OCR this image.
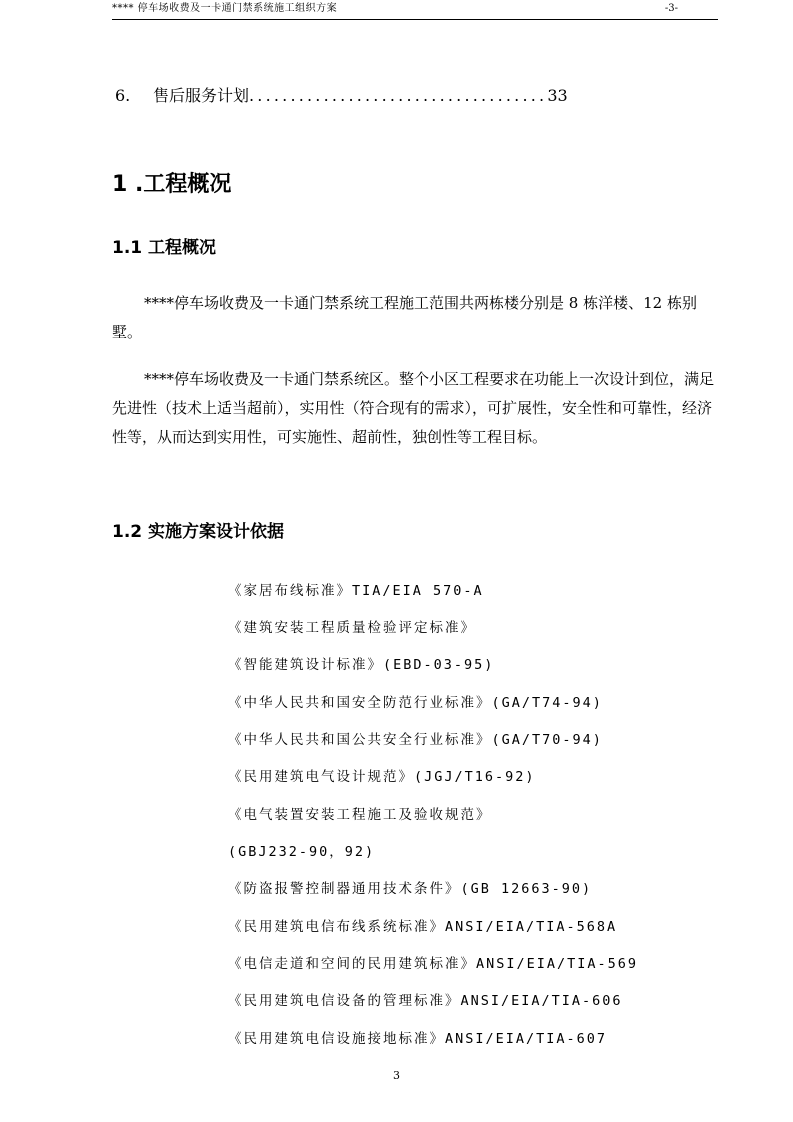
**** 停车场收费及一卡通门禁系统施工组织方案	-3-
6. 售后服务计划....................................33
1 .工程概况
1.1 工程概况

****停车场收费及一卡通门禁系统工程施工范围共两栋楼分别是 8 栋洋楼、12 栋别墅。

****停车场收费及一卡通门禁系统区。整个小区工程要求在功能上一次设计到位，满足先进性（技术上适当超前），实用性（符合现有的需求），可扩展性，安全性和可靠性，经济性等，从而达到实用性，可实施性、超前性，独创性等工程目标。

1.2 实施方案设计依据
《家居布线标准》TIA/EIA 570-A
《建筑安装工程质量检验评定标准》
《智能建筑设计标准》(EBD-03-95)
《中华人民共和国安全防范行业标准》(GA/T74-94)
《中华人民共和国公共安全行业标准》(GA/T70-94)
《民用建筑电气设计规范》(JGJ/T16-92)
《电气装置安装工程施工及验收规范》
(GBJ232-90，92)
《防盗报警控制器通用技术条件》(GB 12663-90)
《民用建筑电信布线系统标准》ANSI/EIA/TIA-568A
《电信走道和空间的民用建筑标准》ANSI/EIA/TIA-569
《民用建筑电信设备的管理标准》ANSI/EIA/TIA-606
《民用建筑电信设施接地标准》ANSI/EIA/TIA-607
3
